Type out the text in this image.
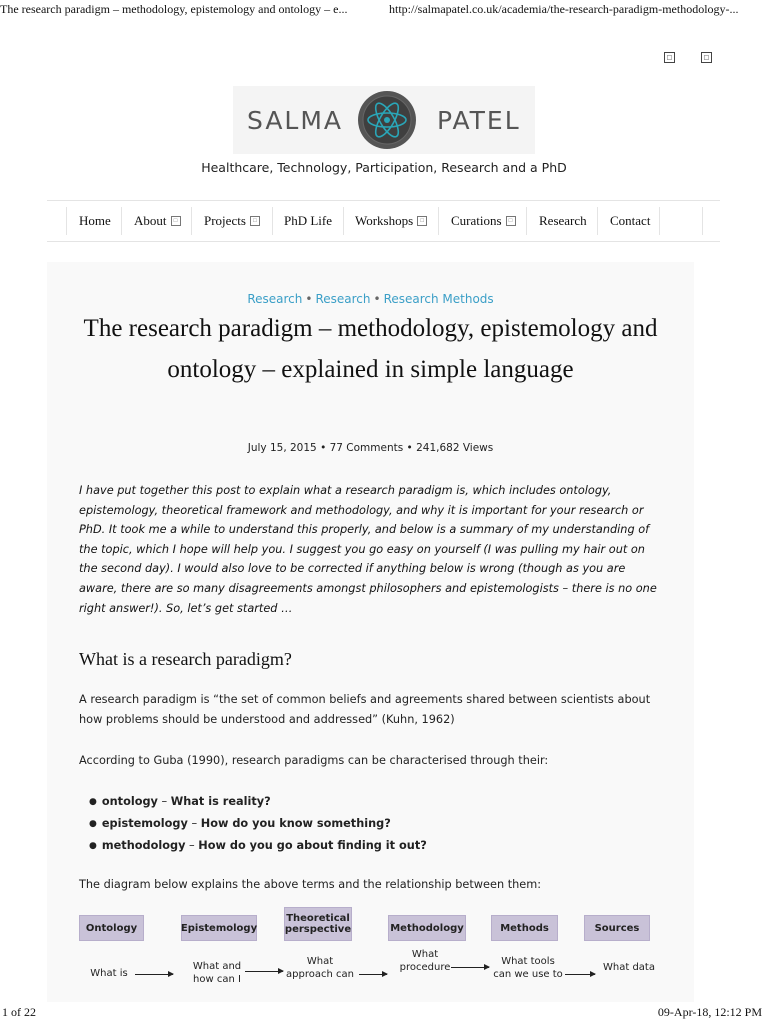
The research paradigm – methodology, epistemology and ontology – e...	http://salmapatel.co.uk/academia/the-research-paradigm-methodology-...
□	□
SALMA	PATEL
Healthcare, Technology, Participation, Research and a PhD
Home About □ Projects □ PhD Life Workshops □ Curations □ Research Contact
Research • Research • Research Methods
The research paradigm – methodology, epistemology and ontology – explained in simple language
July 15, 2015 • 77 Comments • 241,682 Views
I have put together this post to explain what a research paradigm is, which includes ontology, epistemology, theoretical framework and methodology, and why it is important for your research or PhD. It took me a while to understand this properly, and below is a summary of my understanding of the topic, which I hope will help you. I suggest you go easy on yourself (I was pulling my hair out on the second day). I would also love to be corrected if anything below is wrong (though as you are aware, there are so many disagreements amongst philosophers and epistemologists – there is no one right answer!). So, let’s get started …
What is a research paradigm?
A research paradigm is “the set of common beliefs and agreements shared between scientists about how problems should be understood and addressed” (Kuhn, 1962)
According to Guba (1990), research paradigms can be characterised through their:
● ontology – What is reality?
● epistemology – How do you know something?
● methodology – How do you go about finding it out?
The diagram below explains the above terms and the relationship between them:
Ontology	Epistemology
Theoretical perspective	Methodology	Methods	Sources
What is
What and how can I
What approach can
What procedure
What tools can we use to
What data
1 of 22	09-Apr-18, 12:12 PM
